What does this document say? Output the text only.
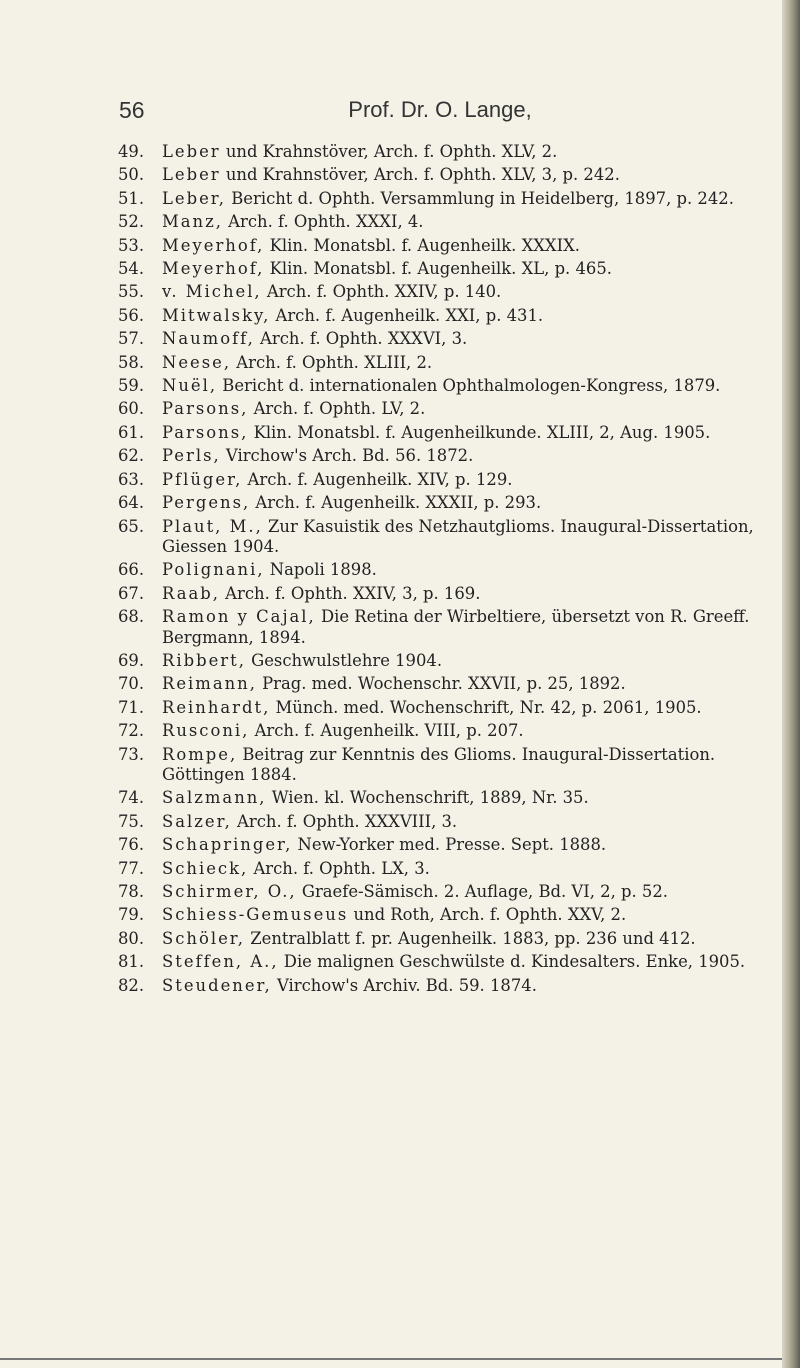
56	Prof. Dr. O. Lange,
49. Leber und Krahnstöver, Arch. f. Ophth. XLV, 2.
50. Leber und Krahnstöver, Arch. f. Ophth. XLV, 3, p. 242.
51. Leber, Bericht d. Ophth. Versammlung in Heidelberg, 1897, p. 242.
52. Manz, Arch. f. Ophth. XXXI, 4.
53. Meyerhof, Klin. Monatsbl. f. Augenheilk. XXXIX.
54. Meyerhof, Klin. Monatsbl. f. Augenheilk. XL, p. 465.
55. v. Michel, Arch. f. Ophth. XXIV, p. 140.
56. Mitwalsky, Arch. f. Augenheilk. XXI, p. 431.
57. Naumoff, Arch. f. Ophth. XXXVI, 3.
58. Neese, Arch. f. Ophth. XLIII, 2.
59. Nuël, Bericht d. internationalen Ophthalmologen-Kongress, 1879.
60. Parsons, Arch. f. Ophth. LV, 2.
61. Parsons, Klin. Monatsbl. f. Augenheilkunde. XLIII, 2, Aug. 1905.
62. Perls, Virchow's Arch. Bd. 56. 1872.
63. Pflüger, Arch. f. Augenheilk. XIV, p. 129.
64. Pergens, Arch. f. Augenheilk. XXXII, p. 293.
65. Plaut, M., Zur Kasuistik des Netzhautglioms. Inaugural-Dissertation, Giessen 1904.
66. Polignani, Napoli 1898.
67. Raab, Arch. f. Ophth. XXIV, 3, p. 169.
68. Ramon y Cajal, Die Retina der Wirbeltiere, übersetzt von R. Greeff. Bergmann, 1894.
69. Ribbert, Geschwulstlehre 1904.
70. Reimann, Prag. med. Wochenschr. XXVII, p. 25, 1892.
71. Reinhardt, Münch. med. Wochenschrift, Nr. 42, p. 2061, 1905.
72. Rusconi, Arch. f. Augenheilk. VIII, p. 207.
73. Rompe, Beitrag zur Kenntnis des Glioms. Inaugural-Dissertation. Göttingen 1884.
74. Salzmann, Wien. kl. Wochenschrift, 1889, Nr. 35.
75. Salzer, Arch. f. Ophth. XXXVIII, 3.
76. Schapringer, New-Yorker med. Presse. Sept. 1888.
77. Schieck, Arch. f. Ophth. LX, 3.
78. Schirmer, O., Graefe-Sämisch. 2. Auflage, Bd. VI, 2, p. 52.
79. Schiess-Gemuseus und Roth, Arch. f. Ophth. XXV, 2.
80. Schöler, Zentralblatt f. pr. Augenheilk. 1883, pp. 236 und 412.
81. Steffen, A., Die malignen Geschwülste d. Kindesalters. Enke, 1905.
82. Steudener, Virchow's Archiv. Bd. 59. 1874.
